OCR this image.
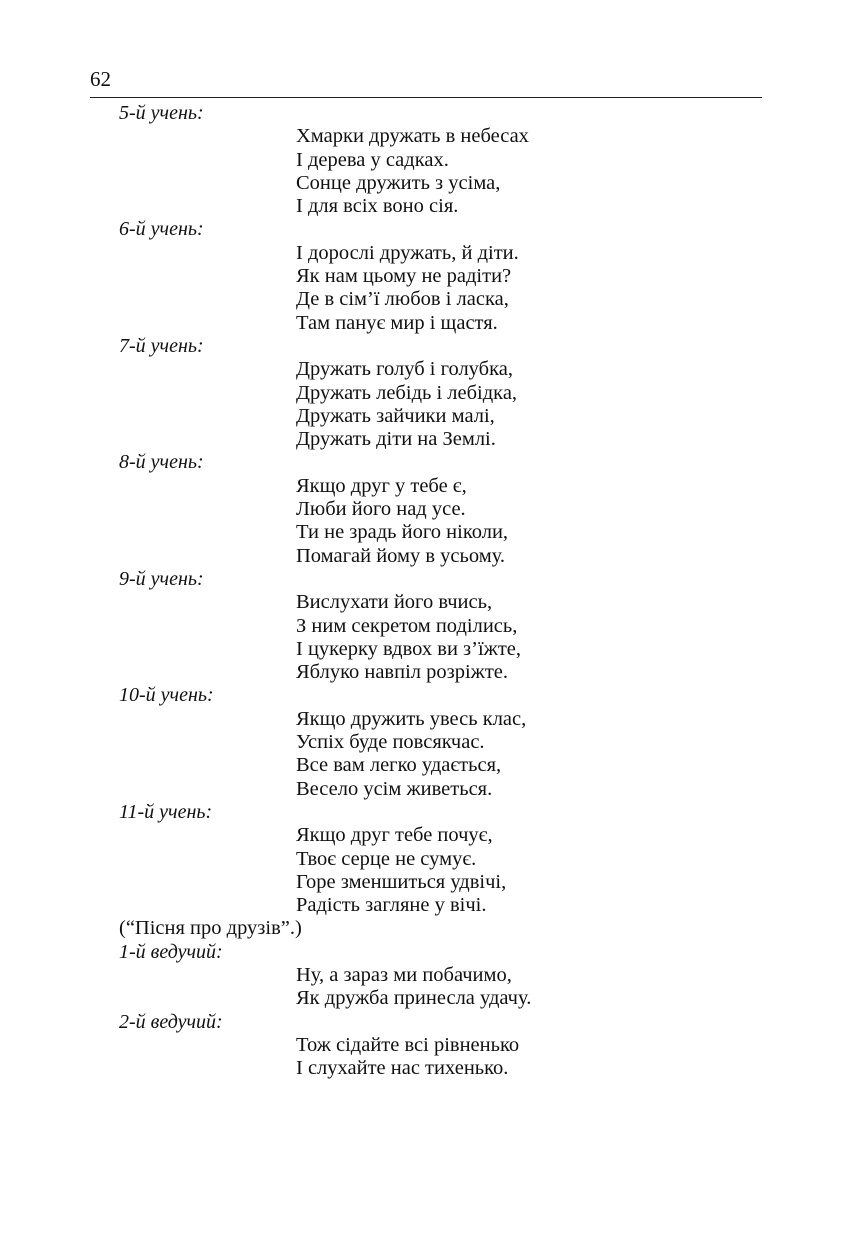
62
5-й учень:
Хмарки дружать в небесах
І дерева у садках.
Сонце дружить з усіма,
І для всіх воно сія.
6-й учень:
І дорослі дружать, й діти.
Як нам цьому не радіти?
Де в сім’ї любов і ласка,
Там панує мир і щастя.
7-й учень:
Дружать голуб і голубка,
Дружать лебідь і лебідка,
Дружать зайчики малі,
Дружать діти на Землі.
8-й учень:
Якщо друг у тебе є,
Люби його над усе.
Ти не зрадь його ніколи,
Помагай йому в усьому.
9-й учень:
Вислухати його вчись,
З ним секретом поділись,
І цукерку вдвох ви з’їжте,
Яблуко навпіл розріжте.
10-й учень:
Якщо дружить увесь клас,
Успіх буде повсякчас.
Все вам легко удається,
Весело усім живеться.
11-й учень:
Якщо друг тебе почує,
Твоє серце не сумує.
Горе зменшиться удвічі,
Радість загляне у вічі.
(“Пісня про друзів”.)
1-й ведучий:
Ну, а зараз ми побачимо,
Як дружба принесла удачу.
2-й ведучий:
Тож сідайте всі рівненько
І слухайте нас тихенько.
